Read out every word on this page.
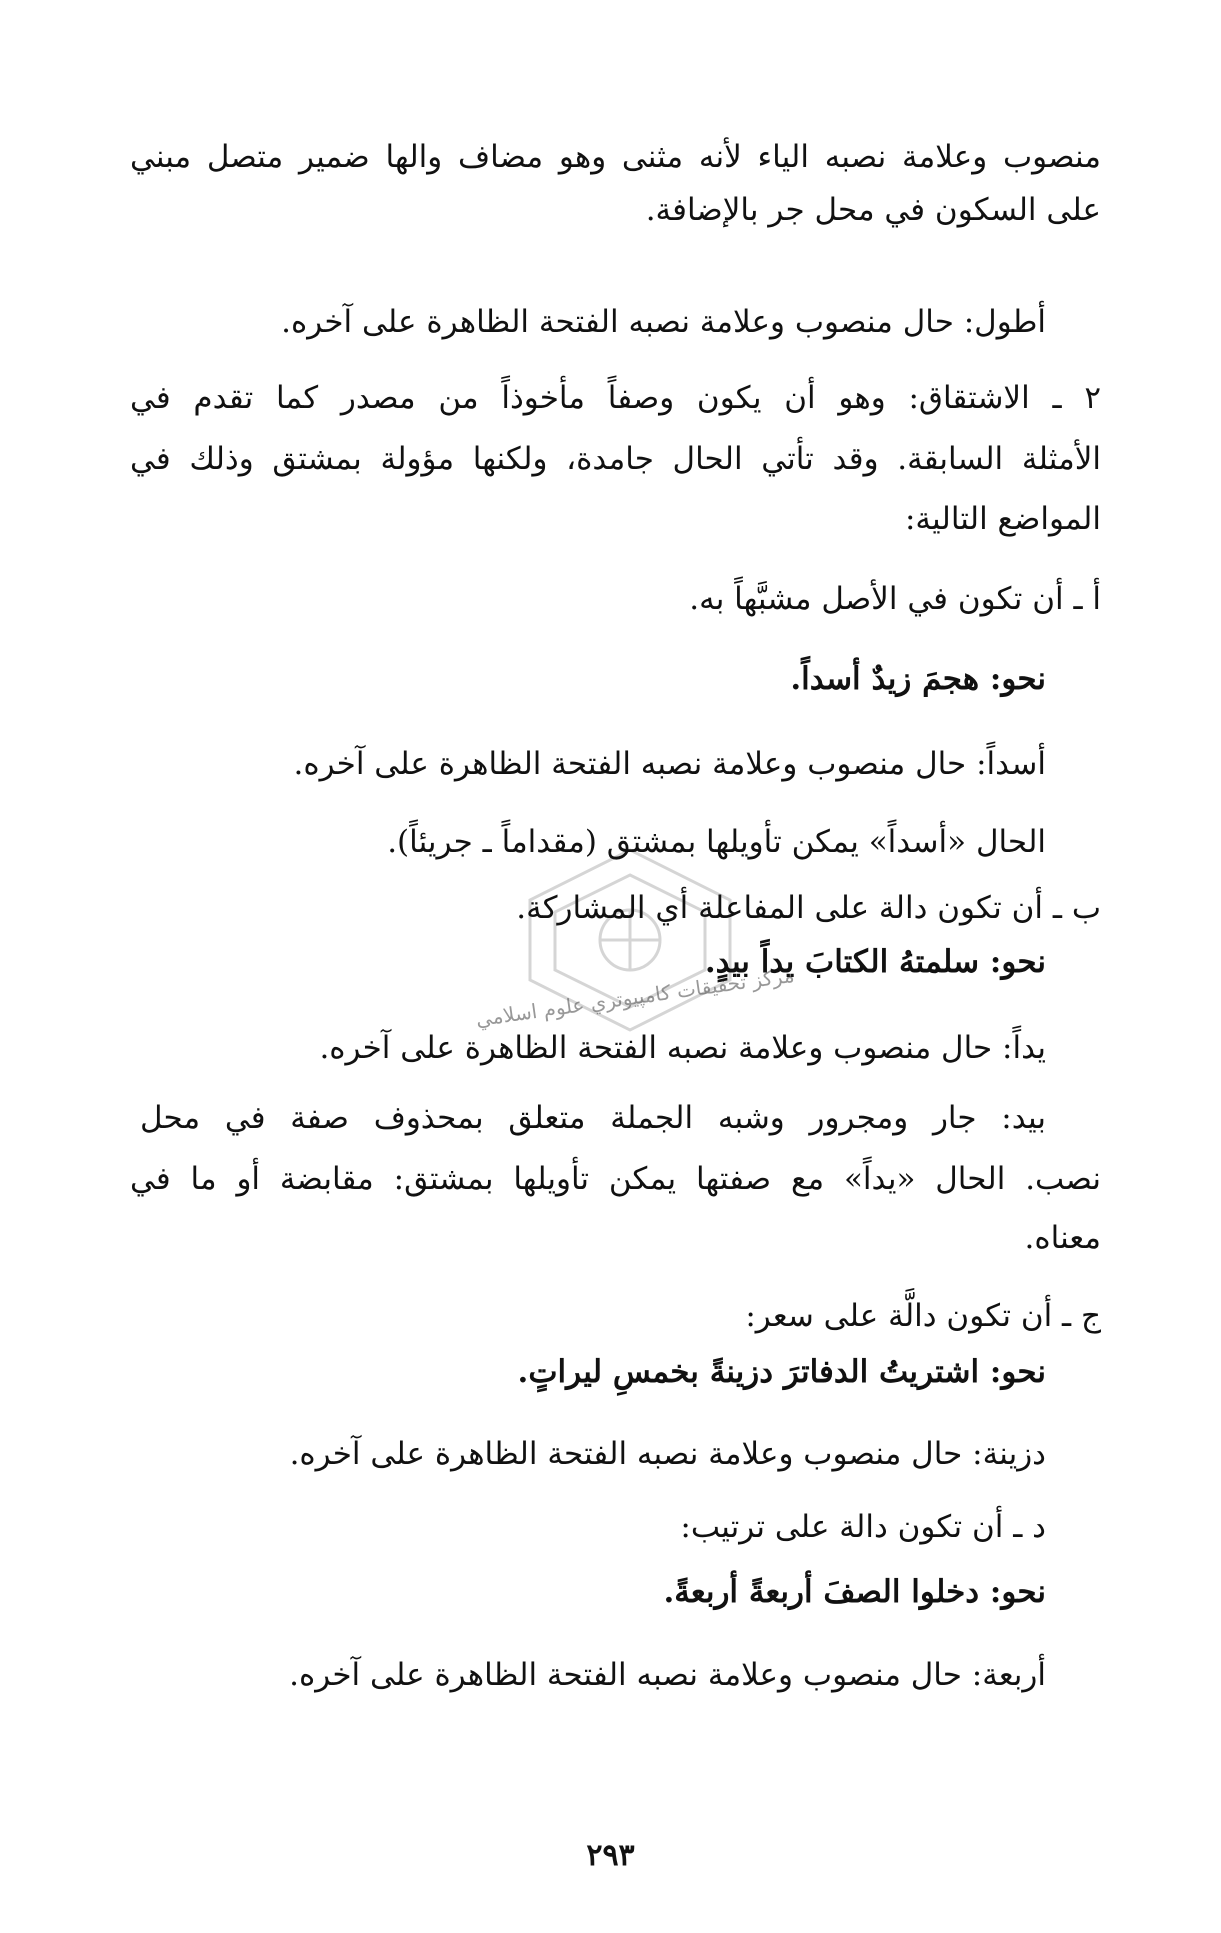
مركز تحقيقات كامپيوتري علوم اسلامي
منصوب وعلامة نصبه الياء لأنه مثنى وهو مضاف والها ضمير متصل مبني
على السكون في محل جر بالإضافة.
أطول: حال منصوب وعلامة نصبه الفتحة الظاهرة على آخره.
٢ ـ الاشتقاق: وهو أن يكون وصفاً مأخوذاً من مصدر كما تقدم في
الأمثلة السابقة. وقد تأتي الحال جامدة، ولكنها مؤولة بمشتق وذلك في
المواضع التالية:
أ ـ أن تكون في الأصل مشبَّهاً به.
نحو: هجمَ زيدٌ أسداً.
أسداً: حال منصوب وعلامة نصبه الفتحة الظاهرة على آخره.
الحال «أسداً» يمكن تأويلها بمشتق (مقداماً ـ جريئاً).
ب ـ أن تكون دالة على المفاعلة أي المشاركة.
نحو: سلمتهُ الكتابَ يداً بيدٍ.
يداً: حال منصوب وعلامة نصبه الفتحة الظاهرة على آخره.
بيد: جار ومجرور وشبه الجملة متعلق بمحذوف صفة في محل
نصب. الحال «يداً» مع صفتها يمكن تأويلها بمشتق: مقابضة أو ما في
معناه.
ج ـ أن تكون دالَّة على سعر:
نحو: اشتريتُ الدفاترَ دزينةً بخمسِ ليراتٍ.
دزينة: حال منصوب وعلامة نصبه الفتحة الظاهرة على آخره.
د ـ أن تكون دالة على ترتيب:
نحو: دخلوا الصفَ أربعةً أربعةً.
أربعة: حال منصوب وعلامة نصبه الفتحة الظاهرة على آخره.
٢٩٣
